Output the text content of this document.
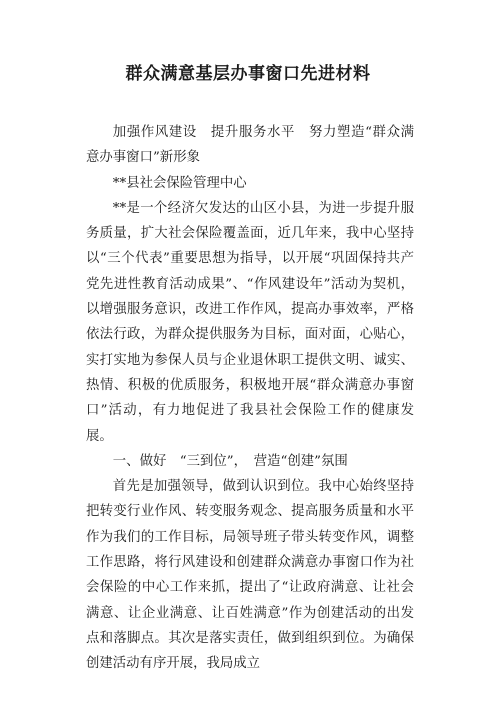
群众满意基层办事窗口先进材料

加强作风建设　提升服务水平　努力塑造“群众满意办事窗口”新形象

**县社会保险管理中心

**是一个经济欠发达的山区小县，为进一步提升服务质量，扩大社会保险覆盖面，近几年来，我中心坚持以“三个代表”重要思想为指导，以开展“巩固保持共产党先进性教育活动成果”、“作风建设年”活动为契机，以增强服务意识，改进工作作风，提高办事效率，严格依法行政，为群众提供服务为目标，面对面，心贴心，实打实地为参保人员与企业退休职工提供文明、诚实、热情、积极的优质服务，积极地开展“群众满意办事窗口”活动，有力地促进了我县社会保险工作的健康发展。

一、做好　“三到位”，　营造“创建”氛围

首先是加强领导，做到认识到位。我中心始终坚持把转变行业作风、转变服务观念、提高服务质量和水平作为我们的工作目标，局领导班子带头转变作风，调整工作思路，将行风建设和创建群众满意办事窗口作为社会保险的中心工作来抓，提出了“让政府满意、让社会满意、让企业满意、让百姓满意”作为创建活动的出发点和落脚点。其次是落实责任，做到组织到位。为确保创建活动有序开展，我局成立
